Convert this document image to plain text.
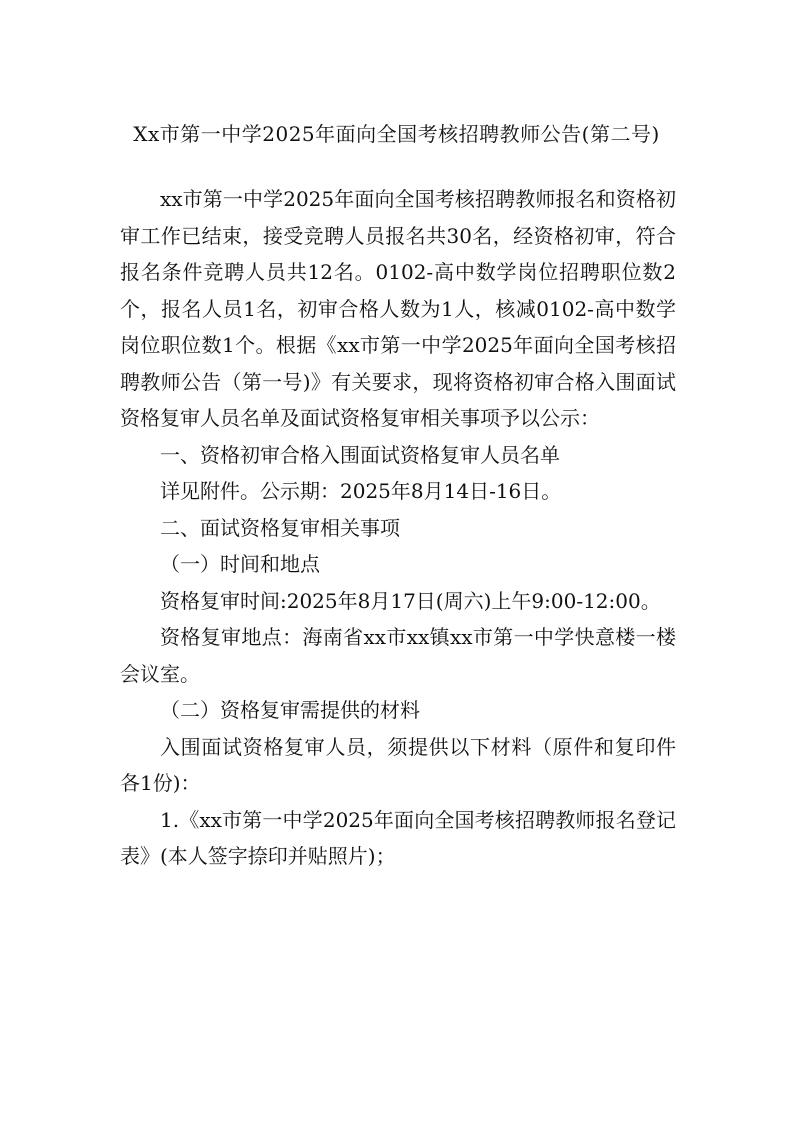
Xx市第一中学2025年面向全国考核招聘教师公告(第二号)

xx市第一中学2025年面向全国考核招聘教师报名和资格初审工作已结束，接受竞聘人员报名共30名，经资格初审，符合报名条件竞聘人员共12名。0102-高中数学岗位招聘职位数2个，报名人员1名，初审合格人数为1人，核减0102-高中数学岗位职位数1个。根据《xx市第一中学2025年面向全国考核招聘教师公告（第一号)》有关要求，现将资格初审合格入围面试资格复审人员名单及面试资格复审相关事项予以公示：

一、资格初审合格入围面试资格复审人员名单

详见附件。公示期：2025年8月14日-16日。

二、面试资格复审相关事项

（一）时间和地点

资格复审时间:2025年8月17日(周六)上午9:00-12:00。

资格复审地点：海南省xx市xx镇xx市第一中学快意楼一楼会议室。

（二）资格复审需提供的材料

入围面试资格复审人员，须提供以下材料（原件和复印件各1份)：

1.《xx市第一中学2025年面向全国考核招聘教师报名登记表》(本人签字捺印并贴照片)；
